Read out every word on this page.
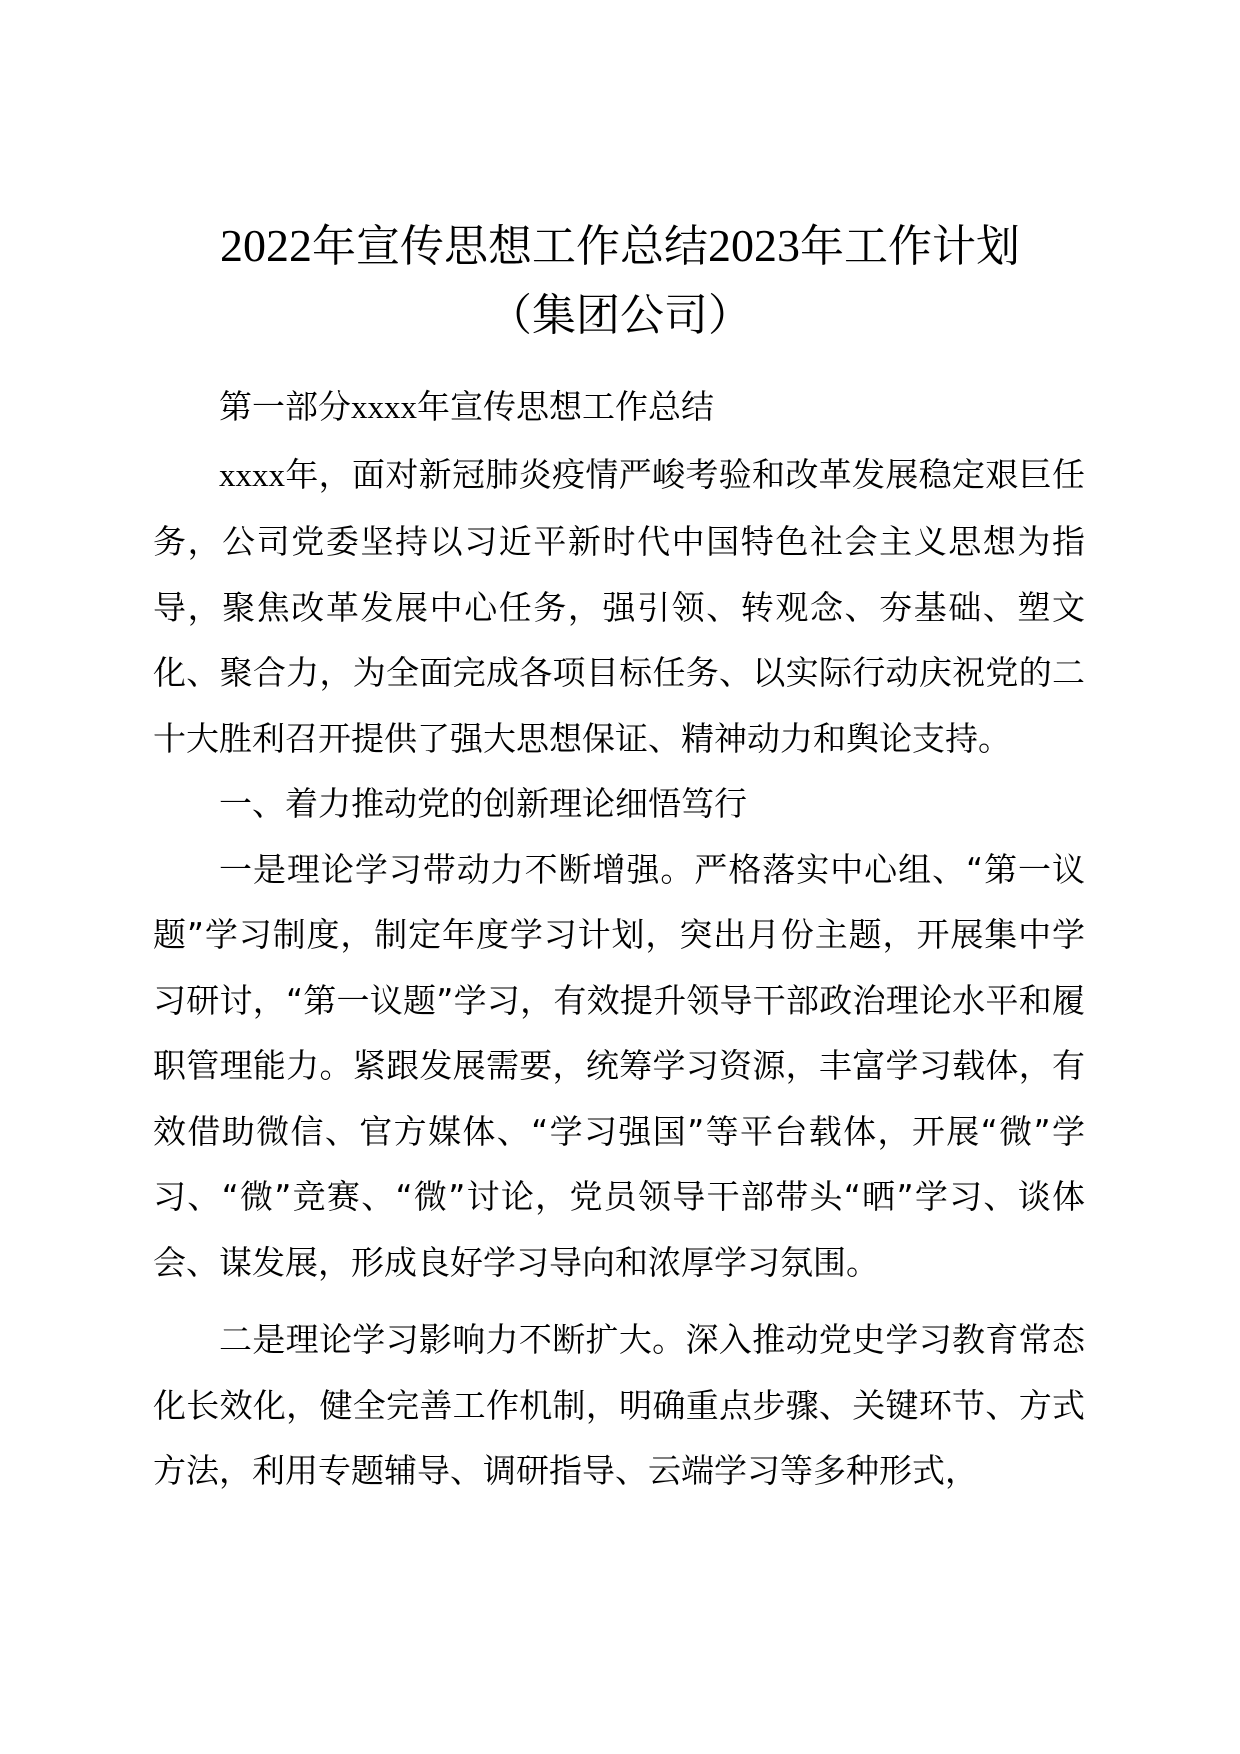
2022年宣传思想工作总结2023年工作计划
（集团公司）

第一部分xxxx年宣传思想工作总结

xxxx年，面对新冠肺炎疫情严峻考验和改革发展稳定艰巨任务，公司党委坚持以习近平新时代中国特色社会主义思想为指导，聚焦改革发展中心任务，强引领、转观念、夯基础、塑文化、聚合力，为全面完成各项目标任务、以实际行动庆祝党的二十大胜利召开提供了强大思想保证、精神动力和舆论支持。

一、着力推动党的创新理论细悟笃行

一是理论学习带动力不断增强。严格落实中心组、“第一议题”学习制度，制定年度学习计划，突出月份主题，开展集中学习研讨，“第一议题”学习，有效提升领导干部政治理论水平和履职管理能力。紧跟发展需要，统筹学习资源，丰富学习载体，有效借助微信、官方媒体、“学习强国”等平台载体，开展“微”学习、“微”竞赛、“微”讨论，党员领导干部带头“晒”学习、谈体会、谋发展，形成良好学习导向和浓厚学习氛围。

二是理论学习影响力不断扩大。深入推动党史学习教育常态化长效化，健全完善工作机制，明确重点步骤、关键环节、方式方法，利用专题辅导、调研指导、云端学习等多种形式，
